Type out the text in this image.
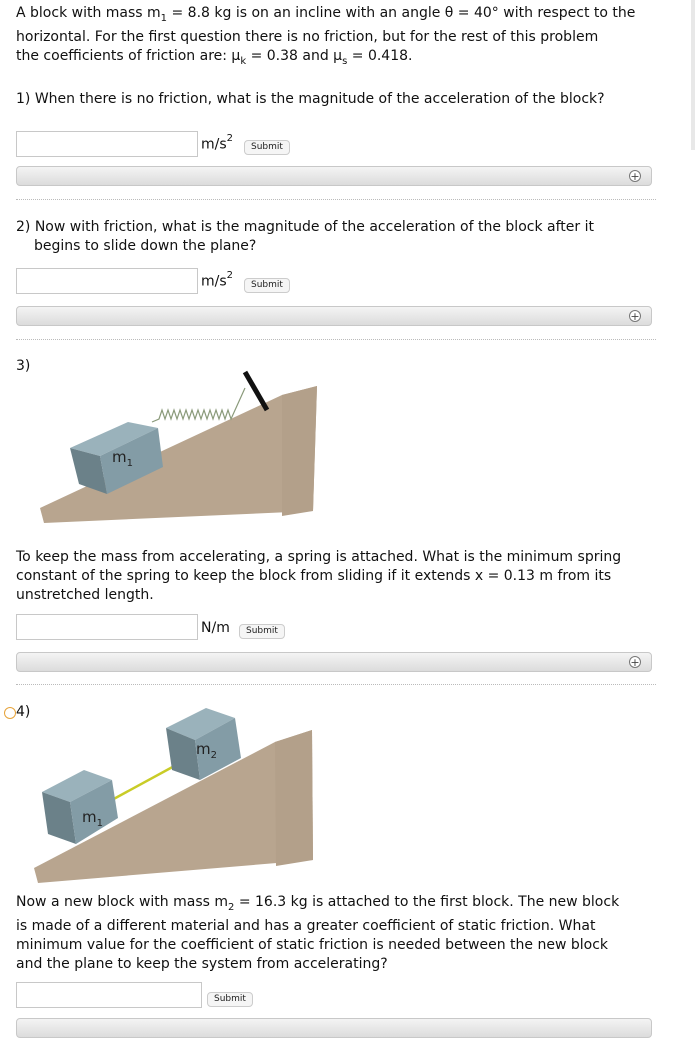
A block with mass $m_1 = 8.8$ kg is on an incline with an angle θ = 40° with respect to the
horizontal. For the first question there is no friction, but for the rest of this problem
the coefficients of friction are: $\mu_k = 0.38$ and $\mu_s = 0.418$.
1) When there is no friction, what is the magnitude of the acceleration of the block?
$m/s^2$
Submit
+
2) Now with friction, what is the magnitude of the acceleration of the block after it
begins to slide down the plane?
$m/s^2$
Submit
+
3)
$m_1$
To keep the mass from accelerating, a spring is attached. What is the minimum spring
constant of the spring to keep the block from sliding if it extends x = 0.13 m from its
unstretched length.
N/m	Submit
+
4)
$m_2$
$m_1$
Now a new block with mass $m_2 = 16.3$ kg is attached to the first block. The new block
is made of a different material and has a greater coefficient of static friction. What
minimum value for the coefficient of static friction is needed between the new block
and the plane to keep the system from accelerating?
Submit
